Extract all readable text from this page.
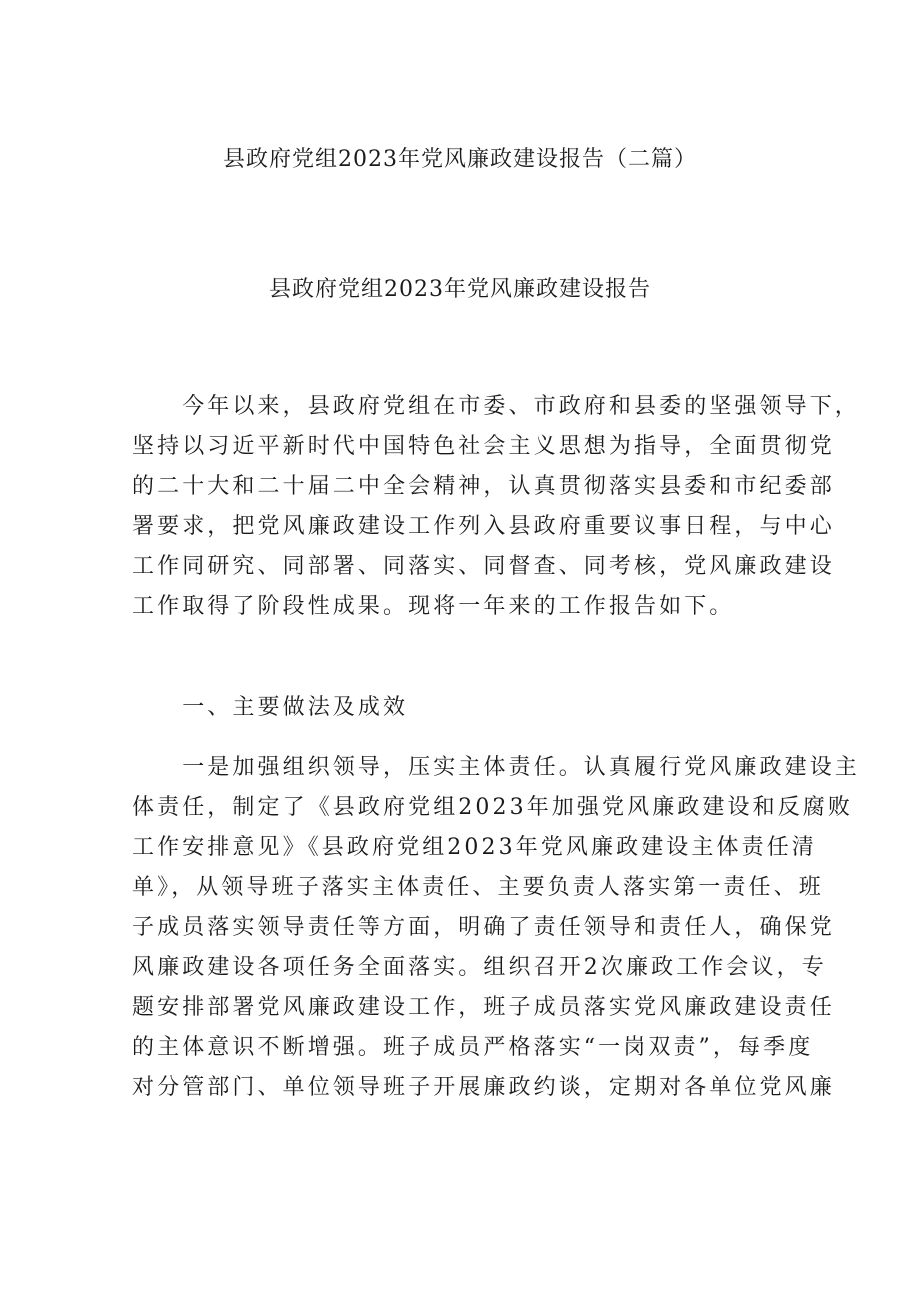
县政府党组2023年党风廉政建设报告（二篇）
县政府党组2023年党风廉政建设报告
　　今年以来，县政府党组在市委、市政府和县委的坚强领导下，
坚持以习近平新时代中国特色社会主义思想为指导，全面贯彻党
的二十大和二十届二中全会精神，认真贯彻落实县委和市纪委部
署要求，把党风廉政建设工作列入县政府重要议事日程，与中心
工作同研究、同部署、同落实、同督查、同考核，党风廉政建设
工作取得了阶段性成果。现将一年来的工作报告如下。
　　一、主要做法及成效
　　一是加强组织领导，压实主体责任。认真履行党风廉政建设主
体责任，制定了《县政府党组2023年加强党风廉政建设和反腐败
工作安排意见》《县政府党组2023年党风廉政建设主体责任清
单》，从领导班子落实主体责任、主要负责人落实第一责任、班
子成员落实领导责任等方面，明确了责任领导和责任人，确保党
风廉政建设各项任务全面落实。组织召开2次廉政工作会议，专
题安排部署党风廉政建设工作，班子成员落实党风廉政建设责任
的主体意识不断增强。班子成员严格落实“一岗双责”，每季度
对分管部门、单位领导班子开展廉政约谈，定期对各单位党风廉
